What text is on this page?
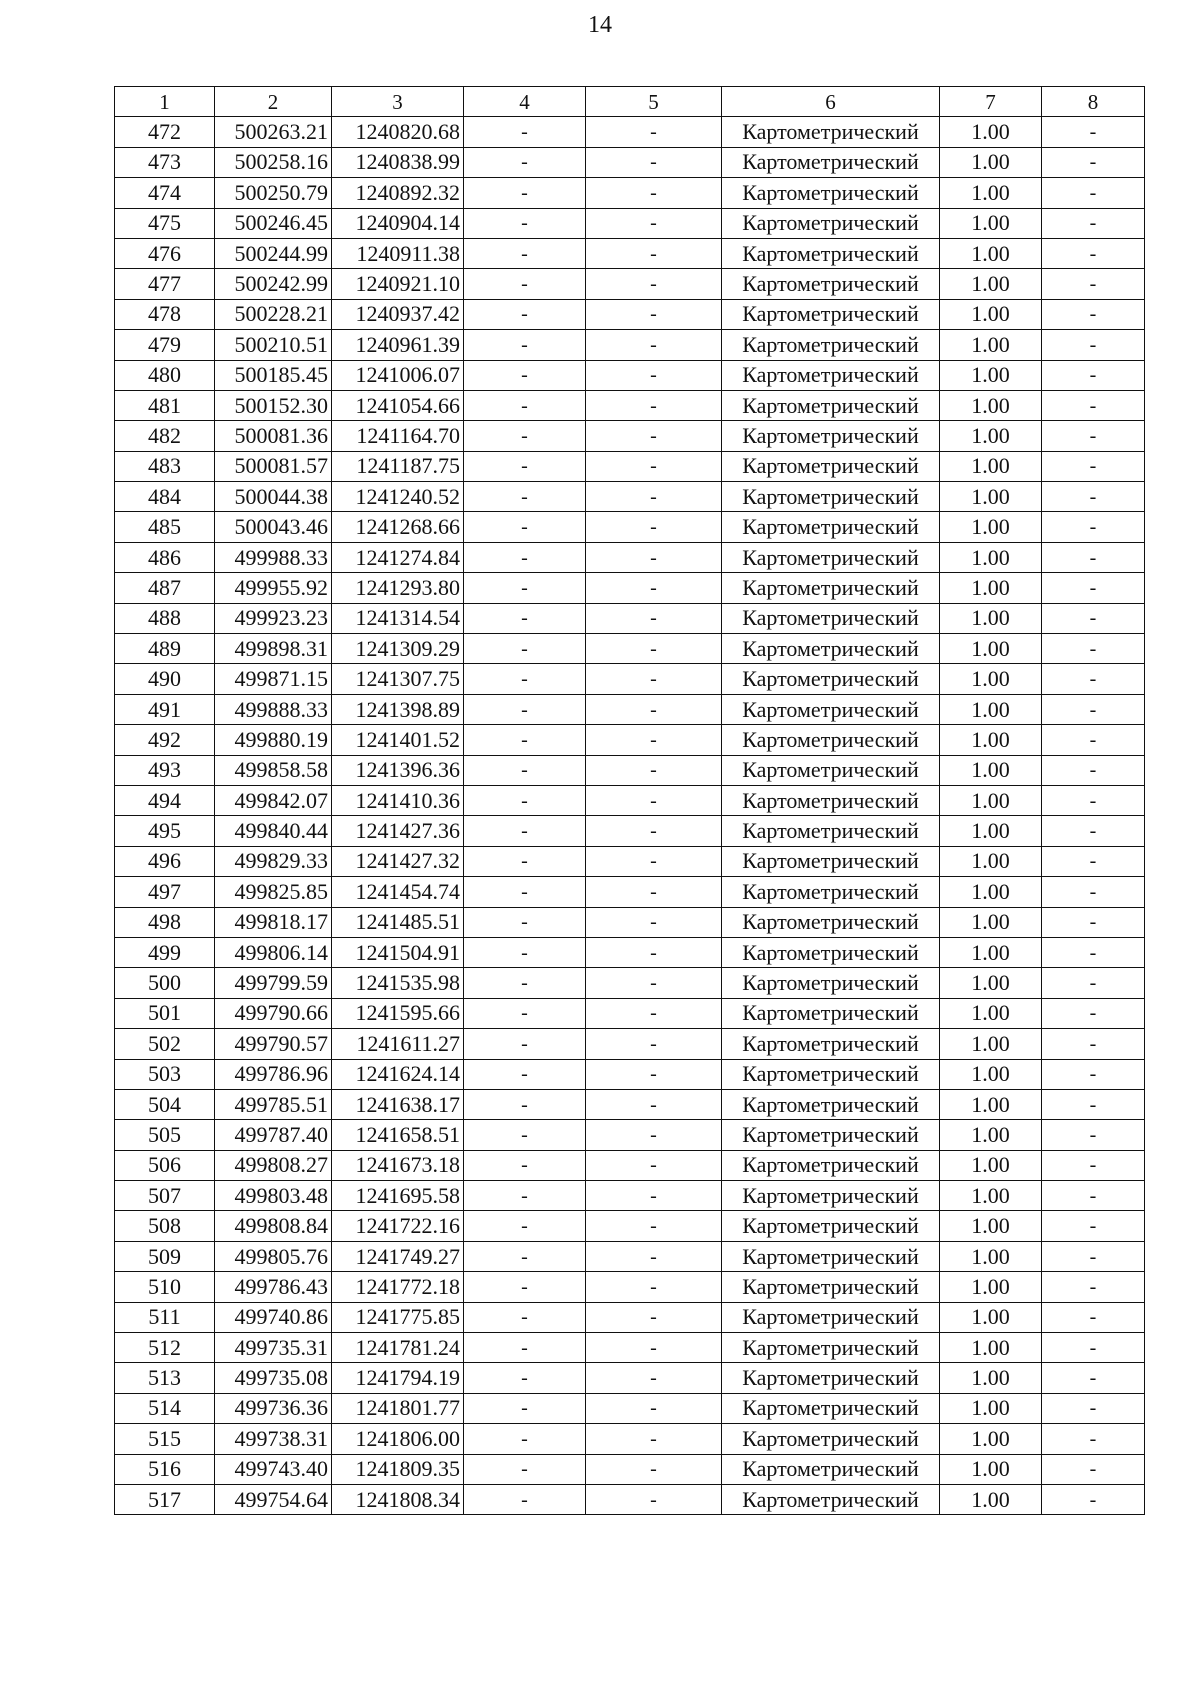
14
1	2	3	4	5	6	7	8
472	500263.21	1240820.68	-	-	Картометрический	1.00	-
473	500258.16	1240838.99	-	-	Картометрический	1.00	-
474	500250.79	1240892.32	-	-	Картометрический	1.00	-
475	500246.45	1240904.14	-	-	Картометрический	1.00	-
476	500244.99	1240911.38	-	-	Картометрический	1.00	-
477	500242.99	1240921.10	-	-	Картометрический	1.00	-
478	500228.21	1240937.42	-	-	Картометрический	1.00	-
479	500210.51	1240961.39	-	-	Картометрический	1.00	-
480	500185.45	1241006.07	-	-	Картометрический	1.00	-
481	500152.30	1241054.66	-	-	Картометрический	1.00	-
482	500081.36	1241164.70	-	-	Картометрический	1.00	-
483	500081.57	1241187.75	-	-	Картометрический	1.00	-
484	500044.38	1241240.52	-	-	Картометрический	1.00	-
485	500043.46	1241268.66	-	-	Картометрический	1.00	-
486	499988.33	1241274.84	-	-	Картометрический	1.00	-
487	499955.92	1241293.80	-	-	Картометрический	1.00	-
488	499923.23	1241314.54	-	-	Картометрический	1.00	-
489	499898.31	1241309.29	-	-	Картометрический	1.00	-
490	499871.15	1241307.75	-	-	Картометрический	1.00	-
491	499888.33	1241398.89	-	-	Картометрический	1.00	-
492	499880.19	1241401.52	-	-	Картометрический	1.00	-
493	499858.58	1241396.36	-	-	Картометрический	1.00	-
494	499842.07	1241410.36	-	-	Картометрический	1.00	-
495	499840.44	1241427.36	-	-	Картометрический	1.00	-
496	499829.33	1241427.32	-	-	Картометрический	1.00	-
497	499825.85	1241454.74	-	-	Картометрический	1.00	-
498	499818.17	1241485.51	-	-	Картометрический	1.00	-
499	499806.14	1241504.91	-	-	Картометрический	1.00	-
500	499799.59	1241535.98	-	-	Картометрический	1.00	-
501	499790.66	1241595.66	-	-	Картометрический	1.00	-
502	499790.57	1241611.27	-	-	Картометрический	1.00	-
503	499786.96	1241624.14	-	-	Картометрический	1.00	-
504	499785.51	1241638.17	-	-	Картометрический	1.00	-
505	499787.40	1241658.51	-	-	Картометрический	1.00	-
506	499808.27	1241673.18	-	-	Картометрический	1.00	-
507	499803.48	1241695.58	-	-	Картометрический	1.00	-
508	499808.84	1241722.16	-	-	Картометрический	1.00	-
509	499805.76	1241749.27	-	-	Картометрический	1.00	-
510	499786.43	1241772.18	-	-	Картометрический	1.00	-
511	499740.86	1241775.85	-	-	Картометрический	1.00	-
512	499735.31	1241781.24	-	-	Картометрический	1.00	-
513	499735.08	1241794.19	-	-	Картометрический	1.00	-
514	499736.36	1241801.77	-	-	Картометрический	1.00	-
515	499738.31	1241806.00	-	-	Картометрический	1.00	-
516	499743.40	1241809.35	-	-	Картометрический	1.00	-
517	499754.64	1241808.34	-	-	Картометрический	1.00	-
